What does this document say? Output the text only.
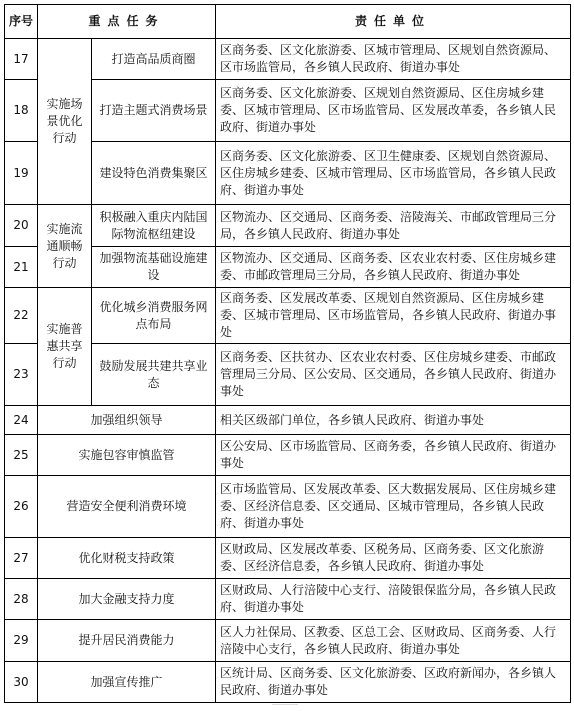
序号	重点任务		责任单位
17	实施场景优化行动	打造高品质商圈	区商务委、区文化旅游委、区城市管理局、区规划自然资源局、区市场监管局，各乡镇人民政府、街道办事处
18		打造主题式消费场景	区商务委、区文化旅游委、区规划自然资源局、区住房城乡建委、区城市管理局、区市场监管局、区发展改革委，各乡镇人民政府、街道办事处
19		建设特色消费集聚区	区商务委、区文化旅游委、区卫生健康委、区规划自然资源局、区住房城乡建委、区城市管理局、区市场监管局，各乡镇人民政府、街道办事处
20	实施流通顺畅行动	积极融入重庆内陆国际物流枢纽建设	区物流办、区交通局、区商务委、涪陵海关、市邮政管理局三分局，各乡镇人民政府、街道办事处
21		加强物流基础设施建设	区物流办、区交通局、区商务委、区农业农村委、区住房城乡建委、市邮政管理局三分局，各乡镇人民政府、街道办事处
22	实施普惠共享行动	优化城乡消费服务网点布局	区商务委、区发展改革委、区规划自然资源局、区住房城乡建委、区城市管理局、区市场监管局，各乡镇人民政府、街道办事处
23		鼓励发展共建共享业态	区商务委、区扶贫办、区农业农村委、区住房城乡建委、市邮政管理局三分局、区公安局、区交通局，各乡镇人民政府、街道办事处
24	加强组织领导		相关区级部门单位，各乡镇人民政府、街道办事处
25	实施包容审慎监管		区公安局、区市场监管局、区商务委，各乡镇人民政府、街道办事处
26	营造安全便利消费环境		区市场监管局、区发展改革委、区大数据发展局、区住房城乡建委、区经济信息委、区交通局、区城市管理局，各乡镇人民政府、街道办事处
27	优化财税支持政策		区财政局、区发展改革委、区税务局、区商务委、区文化旅游委、区经济信息委，各乡镇人民政府、街道办事处
28	加大金融支持力度		区财政局、人行涪陵中心支行、涪陵银保监分局，各乡镇人民政府、街道办事处
29	提升居民消费能力		区人力社保局、区教委、区总工会、区财政局、区商务委、人行涪陵中心支行，各乡镇人民政府、街道办事处
30	加强宣传推广		区统计局、区商务委、区文化旅游委、区政府新闻办，各乡镇人民政府、街道办事处
